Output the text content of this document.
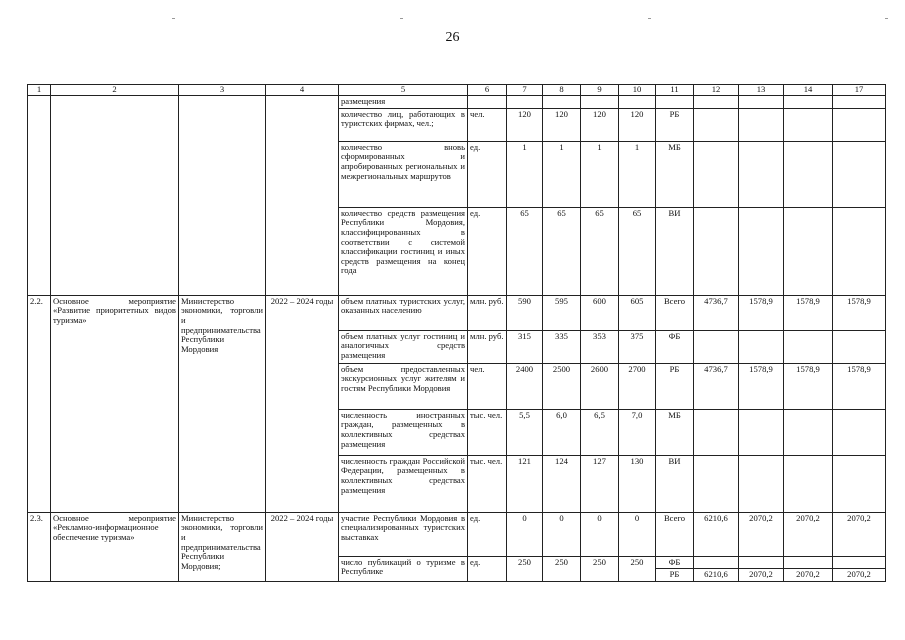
26
1	2	3	4	5	6	7	8	9	10	11	12	13	14	17
				размещения										
				количество лиц, работающих в туристских фирмах, чел.;	чел.	120	120	120	120	РБ				
				количество вновь сформированных и апробированных региональных и межрегиональных маршрутов	ед.	1	1	1	1	МБ				
				количество средств размещения Республики Мордовия, классифицированных в соответствии с системой классификации гостиниц и иных средств размещения на конец года	ед.	65	65	65	65	ВИ				
2.2.	Основное мероприятие «Развитие приоритетных видов туризма»	Министерство экономики, торговли и предпринимательства Республики Мордовия	2022 – 2024 годы	объем платных туристских услуг, оказанных населению	млн. руб.	590	595	600	605	Всего	4736,7	1578,9	1578,9	1578,9
				объем платных услуг гостиниц и аналогичных средств размещения	млн. руб.	315	335	353	375	ФБ				
				объем предоставленных экскурсионных услуг жителям и гостям Республики Мордовия	чел.	2400	2500	2600	2700	РБ	4736,7	1578,9	1578,9	1578,9
				численность иностранных граждан, размещенных в коллективных средствах размещения	тыс. чел.	5,5	6,0	6,5	7,0	МБ				
				численность граждан Российской Федерации, размещенных в коллективных средствах размещения	тыс. чел.	121	124	127	130	ВИ				
2.3.	Основное мероприятие «Рекламно-информационное обеспечение туризма»	Министерство экономики, торговли и предпринимательства Республики Мордовия;	2022 – 2024 годы	участие Республики Мордовия в специализированных туристских выставках	ед.	0	0	0	0	Всего	6210,6	2070,2	2070,2	2070,2
				число публикаций о туризме в Республике	ед.	250	250	250	250	ФБ				
										РБ	6210,6	2070,2	2070,2	2070,2
